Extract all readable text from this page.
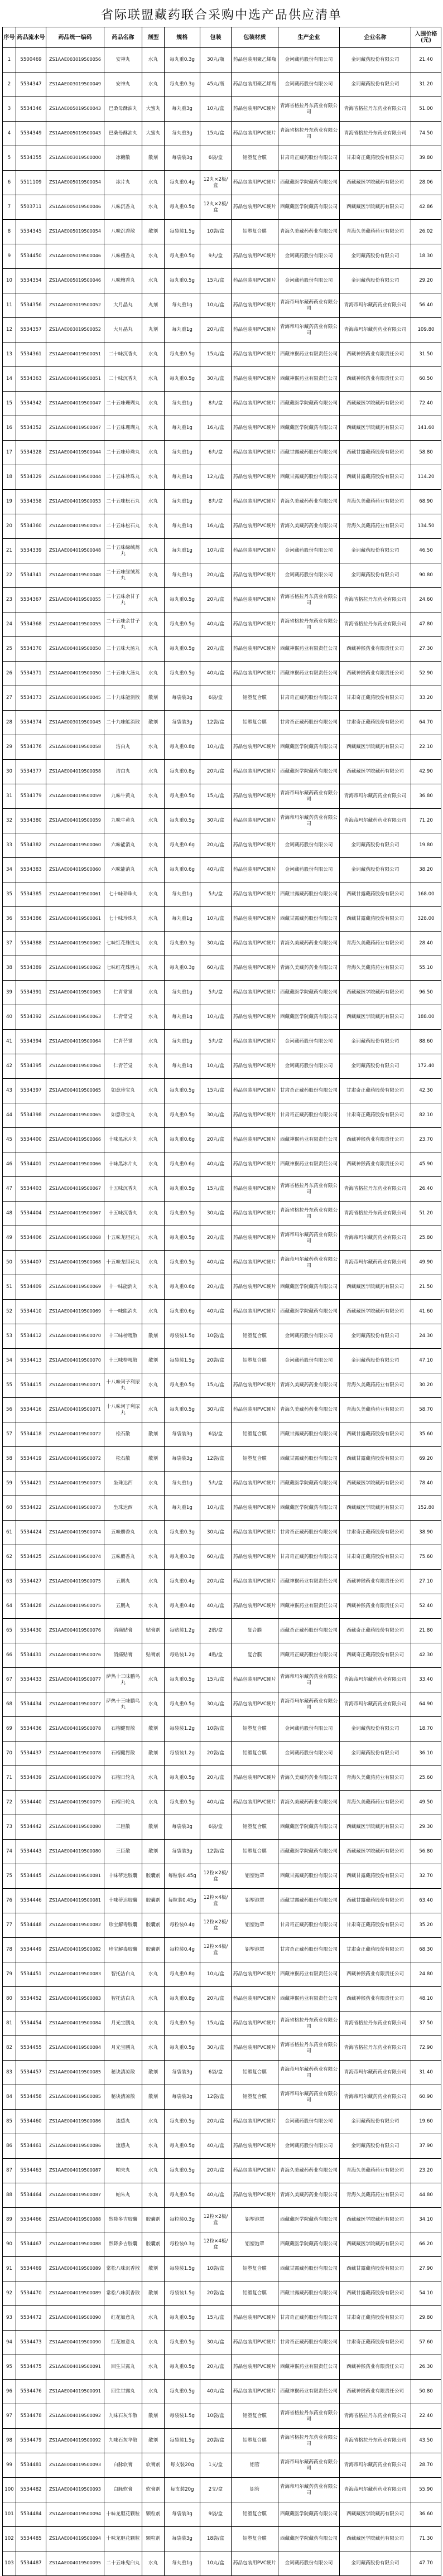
省际联盟藏药联合采购中选产品供应清单
序号	药品流水号	药品统一编码	药品名称	剂型	规格	包装	包装材质	生产企业	企业名称	入围价格(元)
1	5500469	ZS1AAE003019500056	安神丸	水丸	每丸重0.3g	30丸/瓶	药品包装用聚乙烯瓶	金诃藏药股份有限公司	金诃藏药股份有限公司	21.40
2	5534347	ZS1AAE003019500049	安神丸	水丸	每丸重0.3g	45丸/瓶	药品包装用聚乙烯瓶	金诃藏药股份有限公司	金诃藏药股份有限公司	31.20
3	5534346	ZS1AAE005019500043	巴桑母酥油丸	大蜜丸	每丸重3g	10丸/盒	药品包装用PVC硬片	青海省格拉丹东药业有限公司	青海省格拉丹东药业有限公司	51.00
4	5534349	ZS1AAE005019500043	巴桑母酥油丸	大蜜丸	每丸重3g	15丸/盒	药品包装用PVC硬片	青海省格拉丹东药业有限公司	青海省格拉丹东药业有限公司	74.50
5	5534355	ZS1AAE003019500000	冰糖散	散剂	每袋装3g	6袋/盒	铝塑复合膜	甘肃奇正藏药股份有限公司	甘肃奇正藏药股份有限公司	39.80
6	5511109	ZS1AAE005019500054	冰片丸	水丸	每丸重0.4g	12丸×2板/盒	药品包装用PVC硬片	西藏藏医学院藏药有限公司	西藏藏医学院藏药有限公司	28.06
7	5503711	ZS1AAE005019500046	八味沉香丸	水丸	每丸重0.5g	12丸×2板/盒	药品包装用PVC硬片	西藏藏医学院藏药有限公司	西藏藏医学院藏药有限公司	42.86
8	5534345	ZS1AAE005019500054	八味沉香散	散剂	每袋装1.5g	10袋/盒	铝塑复合膜	青海久美藏药药业有限公司	青海久美藏药药业有限公司	26.02
9	5534450	ZS1AAE005019500046	八味檀香丸	水丸	每丸重0.5g	9丸/盒	药品包装用PVC硬片	金诃藏药股份有限公司	金诃藏药股份有限公司	18.30
10	5534354	ZS1AAE005019500046	八味檀香丸	水丸	每丸重0.5g	15丸/盒	药品包装用PVC硬片	金诃藏药股份有限公司	金诃藏药股份有限公司	29.20
11	5534356	ZS1AAE003019500052	大月晶丸	丸剂	每丸重1g	10丸/盒	药品包装用PVC硬片	青海帝玛尔藏药药业有限公司	青海帝玛尔藏药药业有限公司	56.40
12	5534357	ZS1AAE003019500052	大月晶丸	丸剂	每丸重1g	20丸/盒	药品包装用PVC硬片	青海帝玛尔藏药药业有限公司	青海帝玛尔藏药药业有限公司	109.80
13	5534361	ZS1AAE004019500051	二十味沉香丸	水丸	每丸重0.5g	15丸/盒	药品包装用PVC硬片	西藏神猴药业有限责任公司	西藏神猴药业有限责任公司	31.50
14	5534363	ZS1AAE004019500051	二十味沉香丸	水丸	每丸重0.5g	30丸/盒	药品包装用PVC硬片	西藏神猴药业有限责任公司	西藏神猴药业有限责任公司	60.50
15	5534342	ZS1AAE004019500047	二十五味珊瑚丸	水丸	每丸重1g	8丸/盒	药品包装用PVC硬片	西藏藏医学院藏药有限公司	西藏藏医学院藏药有限公司	72.40
16	5534352	ZS1AAE004019500047	二十五味珊瑚丸	水丸	每丸重1g	16丸/盒	药品包装用PVC硬片	西藏藏医学院藏药有限公司	西藏藏医学院藏药有限公司	141.60
17	5534328	ZS1AAE004019500044	二十五味珍珠丸	水丸	每丸重1g	6丸/盒	药品包装用PVC硬片	西藏甘露藏药股份有限公司	西藏甘露藏药股份有限公司	58.80
18	5534329	ZS1AAE004019500044	二十五味珍珠丸	水丸	每丸重1g	12丸/盒	药品包装用PVC硬片	西藏甘露藏药股份有限公司	西藏甘露藏药股份有限公司	114.20
19	5534358	ZS1AAE004019500053	二十五味松石丸	水丸	每丸重1g	8丸/盒	药品包装用PVC硬片	青海久美藏药药业有限公司	青海久美藏药药业有限公司	68.90
20	5534360	ZS1AAE004019500053	二十五味松石丸	水丸	每丸重1g	16丸/盒	药品包装用PVC硬片	青海久美藏药药业有限公司	青海久美藏药药业有限公司	134.50
21	5534339	ZS1AAE004019500048	二十五味绿绒蒿丸	水丸	每丸重1g	10丸/盒	药品包装用PVC硬片	金诃藏药股份有限公司	金诃藏药股份有限公司	46.50
22	5534341	ZS1AAE004019500048	二十五味绿绒蒿丸	水丸	每丸重1g	20丸/盒	药品包装用PVC硬片	金诃藏药股份有限公司	金诃藏药股份有限公司	90.80
23	5534367	ZS1AAE004019500055	二十五味余甘子丸	水丸	每丸重0.5g	20丸/盒	药品包装用PVC硬片	青海省格拉丹东药业有限公司	青海省格拉丹东药业有限公司	24.60
24	5534368	ZS1AAE004019500055	二十五味余甘子丸	水丸	每丸重0.5g	40丸/盒	药品包装用PVC硬片	青海省格拉丹东药业有限公司	青海省格拉丹东药业有限公司	47.80
25	5534370	ZS1AAE004019500050	二十五味大汤丸	水丸	每丸重0.5g	20丸/盒	药品包装用PVC硬片	西藏神猴药业有限责任公司	西藏神猴药业有限责任公司	27.30
26	5534371	ZS1AAE004019500050	二十五味大汤丸	水丸	每丸重0.5g	40丸/盒	药品包装用PVC硬片	西藏神猴药业有限责任公司	西藏神猴药业有限责任公司	52.90
27	5534373	ZS1AAE003019500045	二十九味能消散	散剂	每袋装3g	6袋/盒	铝塑复合膜	甘肃奇正藏药股份有限公司	甘肃奇正藏药股份有限公司	33.20
28	5534374	ZS1AAE003019500045	二十九味能消散	散剂	每袋装3g	12袋/盒	铝塑复合膜	甘肃奇正藏药股份有限公司	甘肃奇正藏药股份有限公司	64.70
29	5534376	ZS1AAE004019500058	洁白丸	水丸	每丸重0.8g	10丸/盒	药品包装用PVC硬片	西藏藏医学院藏药有限公司	西藏藏医学院藏药有限公司	22.10
30	5534377	ZS1AAE004019500058	洁白丸	水丸	每丸重0.8g	20丸/盒	药品包装用PVC硬片	西藏藏医学院藏药有限公司	西藏藏医学院藏药有限公司	42.90
31	5534379	ZS1AAE004019500059	九味牛黄丸	水丸	每丸重0.5g	15丸/盒	药品包装用PVC硬片	青海帝玛尔藏药药业有限公司	青海帝玛尔藏药药业有限公司	36.80
32	5534380	ZS1AAE004019500059	九味牛黄丸	水丸	每丸重0.5g	30丸/盒	药品包装用PVC硬片	青海帝玛尔藏药药业有限公司	青海帝玛尔藏药药业有限公司	71.20
33	5534382	ZS1AAE004019500060	六味能消丸	水丸	每丸重0.6g	20丸/盒	药品包装用PVC硬片	金诃藏药股份有限公司	金诃藏药股份有限公司	19.80
34	5534383	ZS1AAE004019500060	六味能消丸	水丸	每丸重0.6g	40丸/盒	药品包装用PVC硬片	金诃藏药股份有限公司	金诃藏药股份有限公司	38.20
35	5534385	ZS1AAE004019500061	七十味珍珠丸	水丸	每丸重1g	5丸/盒	药品包装用PVC硬片	西藏甘露藏药股份有限公司	西藏甘露藏药股份有限公司	168.00
36	5534386	ZS1AAE004019500061	七十味珍珠丸	水丸	每丸重1g	10丸/盒	药品包装用PVC硬片	西藏甘露藏药股份有限公司	西藏甘露藏药股份有限公司	328.00
37	5534388	ZS1AAE004019500062	七味红花殊胜丸	水丸	每丸重0.3g	30丸/盒	药品包装用PVC硬片	青海久美藏药药业有限公司	青海久美藏药药业有限公司	28.40
38	5534389	ZS1AAE004019500062	七味红花殊胜丸	水丸	每丸重0.3g	60丸/盒	药品包装用PVC硬片	青海久美藏药药业有限公司	青海久美藏药药业有限公司	55.10
39	5534391	ZS1AAE004019500063	仁青常觉	水丸	每丸重1g	5丸/盒	药品包装用PVC硬片	西藏藏医学院藏药有限公司	西藏藏医学院藏药有限公司	96.50
40	5534392	ZS1AAE004019500063	仁青常觉	水丸	每丸重1g	10丸/盒	药品包装用PVC硬片	西藏藏医学院藏药有限公司	西藏藏医学院藏药有限公司	188.00
41	5534394	ZS1AAE004019500064	仁青芒觉	水丸	每丸重1g	5丸/盒	药品包装用PVC硬片	金诃藏药股份有限公司	金诃藏药股份有限公司	88.60
42	5534395	ZS1AAE004019500064	仁青芒觉	水丸	每丸重1g	10丸/盒	药品包装用PVC硬片	金诃藏药股份有限公司	金诃藏药股份有限公司	172.40
43	5534397	ZS1AAE004019500065	如意珍宝丸	水丸	每丸重0.5g	15丸/盒	药品包装用PVC硬片	甘肃奇正藏药股份有限公司	甘肃奇正藏药股份有限公司	42.30
44	5534398	ZS1AAE004019500065	如意珍宝丸	水丸	每丸重0.5g	30丸/盒	药品包装用PVC硬片	甘肃奇正藏药股份有限公司	甘肃奇正藏药股份有限公司	82.10
45	5534400	ZS1AAE004019500066	十味黑冰片丸	水丸	每丸重0.6g	20丸/盒	药品包装用PVC硬片	西藏神猴药业有限责任公司	西藏神猴药业有限责任公司	23.70
46	5534401	ZS1AAE004019500066	十味黑冰片丸	水丸	每丸重0.6g	40丸/盒	药品包装用PVC硬片	西藏神猴药业有限责任公司	西藏神猴药业有限责任公司	45.90
47	5534403	ZS1AAE004019500067	十五味沉香丸	水丸	每丸重0.5g	15丸/盒	药品包装用PVC硬片	青海省格拉丹东药业有限公司	青海省格拉丹东药业有限公司	26.40
48	5534404	ZS1AAE004019500067	十五味沉香丸	水丸	每丸重0.5g	30丸/盒	药品包装用PVC硬片	青海省格拉丹东药业有限公司	青海省格拉丹东药业有限公司	51.20
49	5534406	ZS1AAE004019500068	十五味龙胆花丸	水丸	每丸重0.5g	20丸/盒	药品包装用PVC硬片	青海帝玛尔藏药药业有限公司	青海帝玛尔藏药药业有限公司	25.80
50	5534407	ZS1AAE004019500068	十五味龙胆花丸	水丸	每丸重0.5g	40丸/盒	药品包装用PVC硬片	青海帝玛尔藏药药业有限公司	青海帝玛尔藏药药业有限公司	49.90
51	5534409	ZS1AAE004019500069	十一味能消丸	水丸	每丸重0.6g	20丸/盒	药品包装用PVC硬片	西藏藏医学院藏药有限公司	西藏藏医学院藏药有限公司	21.50
52	5534410	ZS1AAE004019500069	十一味能消丸	水丸	每丸重0.6g	40丸/盒	药品包装用PVC硬片	西藏藏医学院藏药有限公司	西藏藏医学院藏药有限公司	41.60
53	5534412	ZS1AAE004019500070	十三味榜嘎散	散剂	每袋装1.5g	10袋/盒	铝塑复合膜	金诃藏药股份有限公司	金诃藏药股份有限公司	24.30
54	5534413	ZS1AAE004019500070	十三味榜嘎散	散剂	每袋装1.5g	20袋/盒	铝塑复合膜	金诃藏药股份有限公司	金诃藏药股份有限公司	47.10
55	5534415	ZS1AAE004019500071	十八味诃子利尿丸	水丸	每丸重0.5g	15丸/盒	药品包装用PVC硬片	青海久美藏药药业有限公司	青海久美藏药药业有限公司	30.20
56	5534416	ZS1AAE004019500071	十八味诃子利尿丸	水丸	每丸重0.5g	30丸/盒	药品包装用PVC硬片	青海久美藏药药业有限公司	青海久美藏药药业有限公司	58.70
57	5534418	ZS1AAE004019500072	松石散	散剂	每袋装3g	6袋/盒	铝塑复合膜	西藏甘露藏药股份有限公司	西藏甘露藏药股份有限公司	35.60
58	5534419	ZS1AAE004019500072	松石散	散剂	每袋装3g	12袋/盒	铝塑复合膜	西藏甘露藏药股份有限公司	西藏甘露藏药股份有限公司	69.20
59	5534421	ZS1AAE004019500073	坐珠达西	水丸	每丸重1g	5丸/盒	药品包装用PVC硬片	西藏藏医学院藏药有限公司	西藏藏医学院藏药有限公司	78.40
60	5534422	ZS1AAE004019500073	坐珠达西	水丸	每丸重1g	10丸/盒	药品包装用PVC硬片	西藏藏医学院藏药有限公司	西藏藏医学院藏药有限公司	152.80
61	5534424	ZS1AAE004019500074	五味麝香丸	水丸	每丸重0.3g	30丸/盒	药品包装用PVC硬片	甘肃奇正藏药股份有限公司	甘肃奇正藏药股份有限公司	38.90
62	5534425	ZS1AAE004019500074	五味麝香丸	水丸	每丸重0.3g	60丸/盒	药品包装用PVC硬片	甘肃奇正藏药股份有限公司	甘肃奇正藏药股份有限公司	75.60
63	5534427	ZS1AAE004019500075	五鹏丸	水丸	每丸重0.4g	20丸/盒	药品包装用PVC硬片	西藏神猴药业有限责任公司	西藏神猴药业有限责任公司	27.10
64	5534428	ZS1AAE004019500075	五鹏丸	水丸	每丸重0.4g	40丸/盒	药品包装用PVC硬片	西藏神猴药业有限责任公司	西藏神猴药业有限责任公司	52.40
65	5534430	ZS1AAE004019500076	消痛贴膏	贴膏剂	每贴装1.2g	2贴/盒	复合膜	西藏奇正藏药股份有限公司	西藏奇正藏药股份有限公司	21.80
66	5534431	ZS1AAE004019500076	消痛贴膏	贴膏剂	每贴装1.2g	4贴/盒	复合膜	西藏奇正藏药股份有限公司	西藏奇正藏药股份有限公司	42.30
67	5534433	ZS1AAE004019500077	萨热十三味鹏鸟丸	水丸	每丸重0.5g	15丸/盒	药品包装用PVC硬片	青海帝玛尔藏药药业有限公司	青海帝玛尔藏药药业有限公司	33.40
68	5534434	ZS1AAE004019500077	萨热十三味鹏鸟丸	水丸	每丸重0.5g	30丸/盒	药品包装用PVC硬片	青海帝玛尔藏药药业有限公司	青海帝玛尔藏药药业有限公司	64.90
69	5534436	ZS1AAE004019500078	石榴健胃散	散剂	每袋装1.2g	10袋/盒	铝塑复合膜	金诃藏药股份有限公司	金诃藏药股份有限公司	18.70
70	5534437	ZS1AAE004019500078	石榴健胃散	散剂	每袋装1.2g	20袋/盒	铝塑复合膜	金诃藏药股份有限公司	金诃藏药股份有限公司	36.10
71	5534439	ZS1AAE004019500079	石榴日轮丸	水丸	每丸重0.5g	20丸/盒	药品包装用PVC硬片	青海久美藏药药业有限公司	青海久美藏药药业有限公司	25.60
72	5534440	ZS1AAE004019500079	石榴日轮丸	水丸	每丸重0.5g	40丸/盒	药品包装用PVC硬片	青海久美藏药药业有限公司	青海久美藏药药业有限公司	49.50
73	5534442	ZS1AAE004019500080	三臣散	散剂	每袋装3g	6袋/盒	铝塑复合膜	西藏藏医学院藏药有限公司	西藏藏医学院藏药有限公司	29.30
74	5534443	ZS1AAE004019500080	三臣散	散剂	每袋装3g	12袋/盒	铝塑复合膜	西藏藏医学院藏药有限公司	西藏藏医学院藏药有限公司	56.80
75	5534445	ZS1AAE004019500081	十味蒂达胶囊	胶囊剂	每粒装0.45g	12粒×2板/盒	铝塑泡罩	西藏甘露藏药股份有限公司	西藏甘露藏药股份有限公司	32.70
76	5534446	ZS1AAE004019500081	十味蒂达胶囊	胶囊剂	每粒装0.45g	12粒×4板/盒	铝塑泡罩	西藏甘露藏药股份有限公司	西藏甘露藏药股份有限公司	63.40
77	5534448	ZS1AAE004019500082	珍宝解毒胶囊	胶囊剂	每粒装0.4g	12粒×2板/盒	铝塑泡罩	甘肃奇正藏药股份有限公司	甘肃奇正藏药股份有限公司	35.20
78	5534449	ZS1AAE004019500082	珍宝解毒胶囊	胶囊剂	每粒装0.4g	12粒×4板/盒	铝塑泡罩	甘肃奇正藏药股份有限公司	甘肃奇正藏药股份有限公司	68.30
79	5534451	ZS1AAE004019500083	智托洁白丸	水丸	每丸重0.8g	10丸/盒	药品包装用PVC硬片	西藏神猴药业有限责任公司	西藏神猴药业有限责任公司	24.80
80	5534452	ZS1AAE004019500083	智托洁白丸	水丸	每丸重0.8g	20丸/盒	药品包装用PVC硬片	西藏神猴药业有限责任公司	西藏神猴药业有限责任公司	48.10
81	5534454	ZS1AAE004019500084	月光宝鹏丸	水丸	每丸重0.5g	15丸/盒	药品包装用PVC硬片	青海省格拉丹东药业有限公司	青海省格拉丹东药业有限公司	37.50
82	5534455	ZS1AAE004019500084	月光宝鹏丸	水丸	每丸重0.5g	30丸/盒	药品包装用PVC硬片	青海省格拉丹东药业有限公司	青海省格拉丹东药业有限公司	72.90
83	5534457	ZS1AAE004019500085	秘诀清凉散	散剂	每袋装3g	6袋/盒	铝塑复合膜	青海帝玛尔藏药药业有限公司	青海帝玛尔藏药药业有限公司	31.40
84	5534458	ZS1AAE004019500085	秘诀清凉散	散剂	每袋装3g	12袋/盒	铝塑复合膜	青海帝玛尔藏药药业有限公司	青海帝玛尔藏药药业有限公司	60.90
85	5534460	ZS1AAE004019500086	流感丸	水丸	每丸重0.5g	20丸/盒	药品包装用PVC硬片	金诃藏药股份有限公司	金诃藏药股份有限公司	19.60
86	5534461	ZS1AAE004019500086	流感丸	水丸	每丸重0.5g	40丸/盒	药品包装用PVC硬片	金诃藏药股份有限公司	金诃藏药股份有限公司	37.90
87	5534463	ZS1AAE004019500087	帕朱丸	水丸	每丸重0.5g	20丸/盒	药品包装用PVC硬片	青海久美藏药药业有限公司	青海久美藏药药业有限公司	23.20
88	5534464	ZS1AAE004019500087	帕朱丸	水丸	每丸重0.5g	40丸/盒	药品包装用PVC硬片	青海久美藏药药业有限公司	青海久美藏药药业有限公司	44.80
89	5534466	ZS1AAE004019500088	然降多吉胶囊	胶囊剂	每粒装0.3g	12粒×2板/盒	铝塑泡罩	西藏藏医学院藏药有限公司	西藏藏医学院藏药有限公司	34.10
90	5534467	ZS1AAE004019500088	然降多吉胶囊	胶囊剂	每粒装0.3g	12粒×4板/盒	铝塑泡罩	西藏藏医学院藏药有限公司	西藏藏医学院藏药有限公司	66.20
91	5534469	ZS1AAE004019500089	常松八味沉香散	散剂	每袋装1.5g	10袋/盒	铝塑复合膜	西藏甘露藏药股份有限公司	西藏甘露藏药股份有限公司	27.90
92	5534470	ZS1AAE004019500089	常松八味沉香散	散剂	每袋装1.5g	20袋/盒	铝塑复合膜	西藏甘露藏药股份有限公司	西藏甘露藏药股份有限公司	54.10
93	5534472	ZS1AAE004019500090	红花如意丸	水丸	每丸重0.5g	15丸/盒	药品包装用PVC硬片	甘肃奇正藏药股份有限公司	甘肃奇正藏药股份有限公司	29.80
94	5534473	ZS1AAE004019500090	红花如意丸	水丸	每丸重0.5g	30丸/盒	药品包装用PVC硬片	甘肃奇正藏药股份有限公司	甘肃奇正藏药股份有限公司	57.60
95	5534475	ZS1AAE004019500091	回生甘露丸	水丸	每丸重0.5g	20丸/盒	药品包装用PVC硬片	西藏神猴药业有限责任公司	西藏神猴药业有限责任公司	26.30
96	5534476	ZS1AAE004019500091	回生甘露丸	水丸	每丸重0.5g	40丸/盒	药品包装用PVC硬片	西藏神猴药业有限责任公司	西藏神猴药业有限责任公司	50.80
97	5534478	ZS1AAE004019500092	九味石灰华散	散剂	每袋装1.5g	10袋/盒	铝塑复合膜	青海省格拉丹东药业有限公司	青海省格拉丹东药业有限公司	22.40
98	5534479	ZS1AAE004019500092	九味石灰华散	散剂	每袋装1.5g	20袋/盒	铝塑复合膜	青海省格拉丹东药业有限公司	青海省格拉丹东药业有限公司	43.50
99	5534481	ZS1AAE004019500093	白脉软膏	软膏剂	每支装20g	1支/盒	铝管	青海帝玛尔藏药药业有限公司	青海帝玛尔藏药药业有限公司	28.70
100	5534482	ZS1AAE004019500093	白脉软膏	软膏剂	每支装20g	2支/盒	铝管	青海帝玛尔藏药药业有限公司	青海帝玛尔藏药药业有限公司	55.90
101	5534484	ZS1AAE004019500094	十味龙胆花颗粒	颗粒剂	每袋装3g	9袋/盒	铝塑复合膜	西藏藏医学院藏药有限公司	西藏藏医学院藏药有限公司	36.60
102	5534485	ZS1AAE004019500094	十味龙胆花颗粒	颗粒剂	每袋装3g	18袋/盒	铝塑复合膜	西藏藏医学院藏药有限公司	西藏藏医学院藏药有限公司	71.30
103	5534487	ZS1AAE004019500095	二十五味鬼臼丸	水丸	每丸重1g	10丸/盒	药品包装用PVC硬片	金诃藏药股份有限公司	金诃藏药股份有限公司	47.70
